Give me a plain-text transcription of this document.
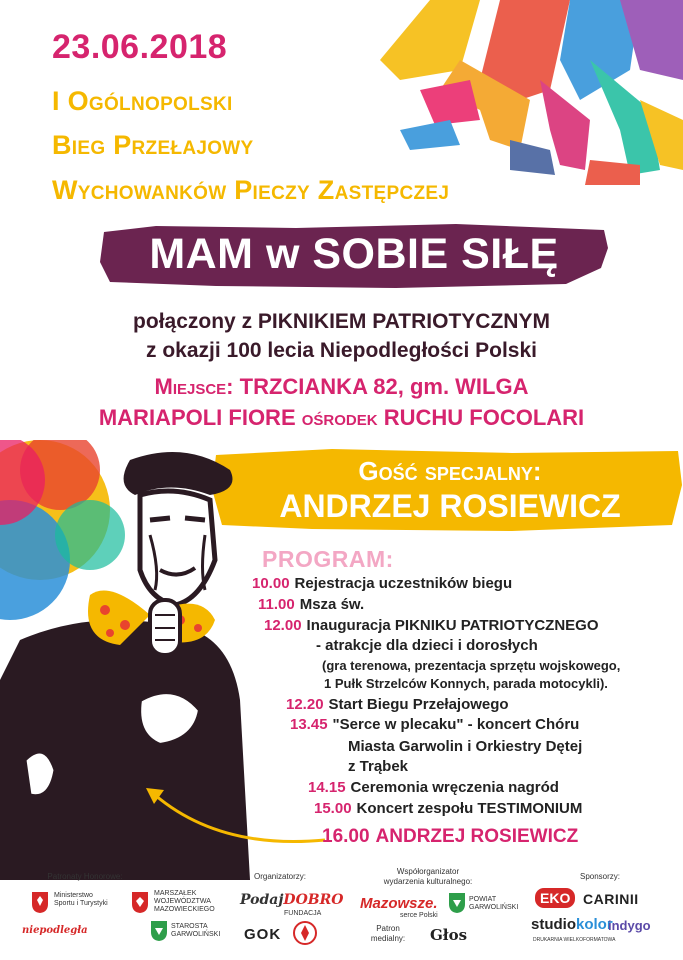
23.06.2018
I Ogólnopolski
Bieg Przełajowy
Wychowanków Pieczy Zastępczej
MAM w SOBIE SIŁĘ
połączony z PIKNIKIEM PATRIOTYCZNYM
z okazji 100 lecia Niepodległości Polski
Miejsce: TRZCIANKA 82, gm. WILGA
MARIAPOLI FIORE ośrodek RUCHU FOCOLARI
Gość specjalny:
ANDRZEJ ROSIEWICZ
PROGRAM:
10.00 Rejestracja uczestników biegu
11.00 Msza św.
12.00 Inauguracja PIKNIKU PATRIOTYCZNEGO
- atrakcje dla dzieci i dorosłych
(gra terenowa, prezentacja sprzętu wojskowego,
1 Pułk Strzelców Konnych, parada motocykli).
12.20 Start Biegu Przełajowego
13.45 "Serce w plecaku" - koncert Chóru
Miasta Garwolin i Orkiestry Dętej
z Trąbek
14.15 Ceremonia wręczenia nagród
15.00 Koncert zespołu TESTIMONIUM
16.00 ANDRZEJ ROSIEWICZ
Patronaty Honorowe:	Organizatorzy:
Współorganizator
wydarzenia kulturalnego:
Patron
medialny:
Sponsorzy:
Ministerstwo Sportu i Turystyki
MARSZAŁEK WOJEWÓDZTWA MAZOWIECKIEGO
niepodległa	STAROSTA GARWOLIŃSKI
PodajDOBRO
FUNDACJA
GOK
Mazowsze.
serce Polski
POWIAT GARWOLIŃSKI
Głos
EKO CARINII
studiokolor
DRUKARNIA WIELKOFORMATOWA
indygo
